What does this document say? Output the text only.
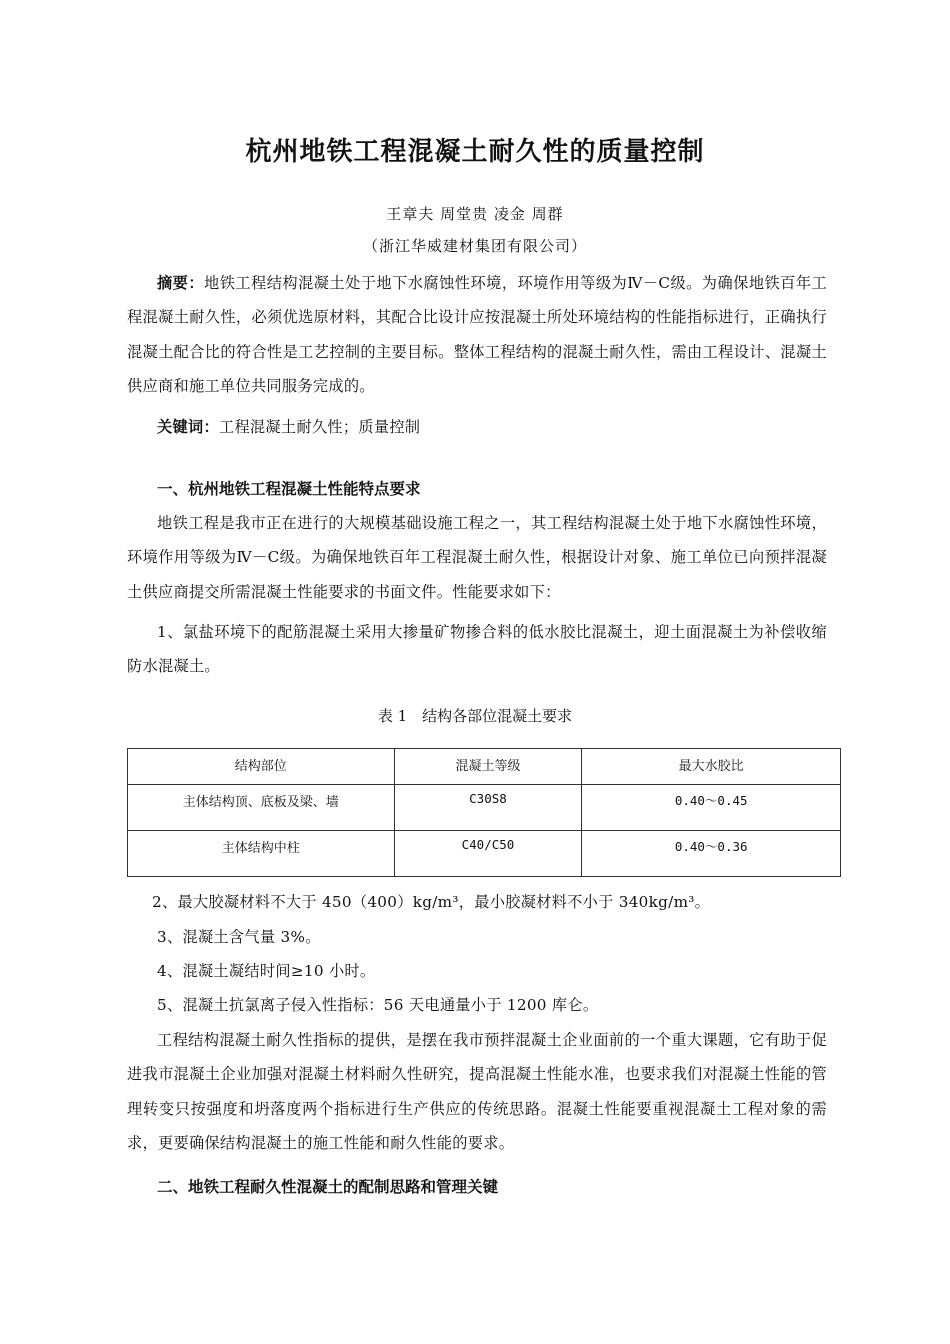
杭州地铁工程混凝土耐久性的质量控制
王章夫 周堂贵 凌金 周群
（浙江华威建材集团有限公司）
摘要：地铁工程结构混凝土处于地下水腐蚀性环境，环境作用等级为Ⅳ－C级。为确保地铁百年工程混凝土耐久性，必须优选原材料，其配合比设计应按混凝土所处环境结构的性能指标进行，正确执行混凝土配合比的符合性是工艺控制的主要目标。整体工程结构的混凝土耐久性，需由工程设计、混凝土供应商和施工单位共同服务完成的。
关键词：工程混凝土耐久性；质量控制
一、杭州地铁工程混凝土性能特点要求
地铁工程是我市正在进行的大规模基础设施工程之一，其工程结构混凝土处于地下水腐蚀性环境，环境作用等级为Ⅳ－C级。为确保地铁百年工程混凝土耐久性，根据设计对象、施工单位已向预拌混凝土供应商提交所需混凝土性能要求的书面文件。性能要求如下：
1、氯盐环境下的配筋混凝土采用大掺量矿物掺合料的低水胶比混凝土，迎土面混凝土为补偿收缩防水混凝土。
表 1　结构各部位混凝土要求
结构部位	混凝土等级	最大水胶比
主体结构顶、底板及梁、墙	C30S8	0.40～0.45
主体结构中柱	C40/C50	0.40～0.36
2、最大胶凝材料不大于 450（400）kg/m³，最小胶凝材料不小于 340kg/m³。
3、混凝土含气量 3%。
4、混凝土凝结时间≥10 小时。
5、混凝土抗氯离子侵入性指标：56 天电通量小于 1200 库仑。
工程结构混凝土耐久性指标的提供，是摆在我市预拌混凝土企业面前的一个重大课题，它有助于促进我市混凝土企业加强对混凝土材料耐久性研究，提高混凝土性能水准，也要求我们对混凝土性能的管理转变只按强度和坍落度两个指标进行生产供应的传统思路。混凝土性能要重视混凝土工程对象的需求，更要确保结构混凝土的施工性能和耐久性能的要求。
二、地铁工程耐久性混凝土的配制思路和管理关键
